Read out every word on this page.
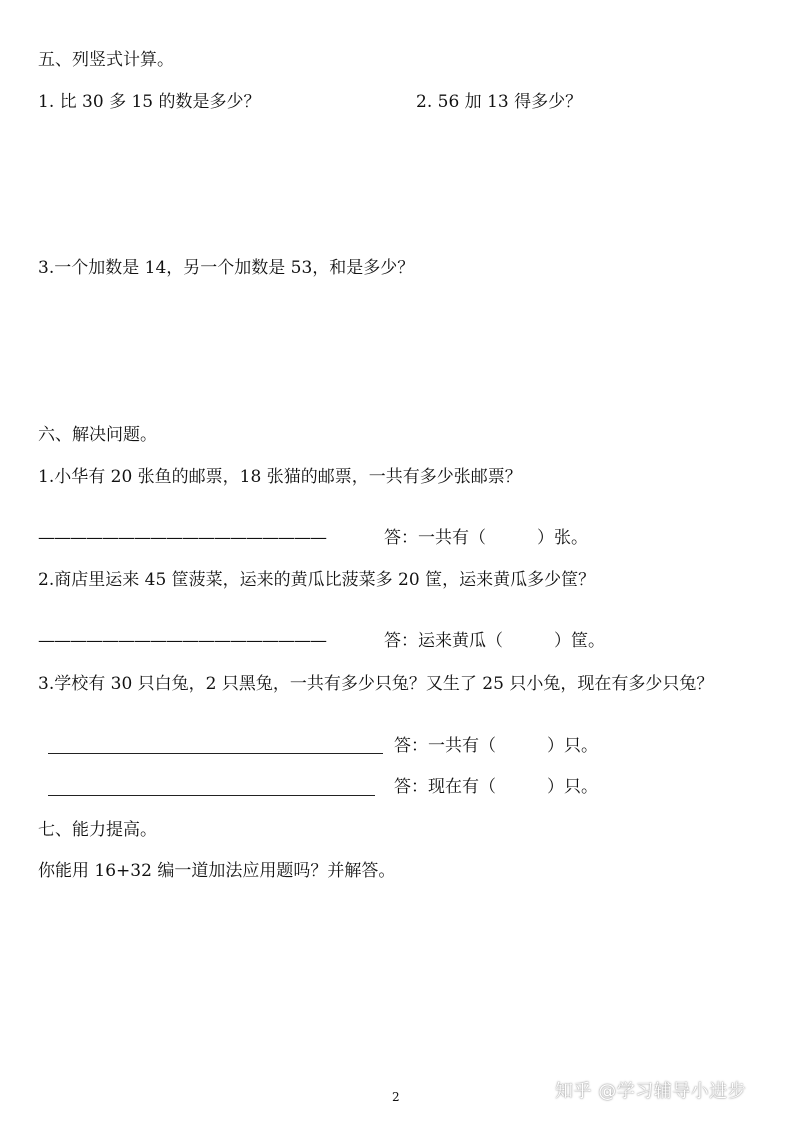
五、列竖式计算。
1. 比 30 多 15 的数是多少？	2. 56 加 13 得多少？
3.一个加数是 14，另一个加数是 53，和是多少？
六、解决问题。
1.小华有 20 张鱼的邮票，18 张猫的邮票，一共有多少张邮票？
——————————————————	答：一共有（　　　）张。
2.商店里运来 45 筐菠菜，运来的黄瓜比菠菜多 20 筐，运来黄瓜多少筐？
——————————————————	答：运来黄瓜（　　　）筐。
3.学校有 30 只白兔，2 只黑兔，一共有多少只兔？又生了 25 只小兔，现在有多少只兔？
答：一共有（　　　）只。
答：现在有（　　　）只。
七、能力提高。
你能用 16+32 编一道加法应用题吗？并解答。
2	知乎 @学习辅导小进步
